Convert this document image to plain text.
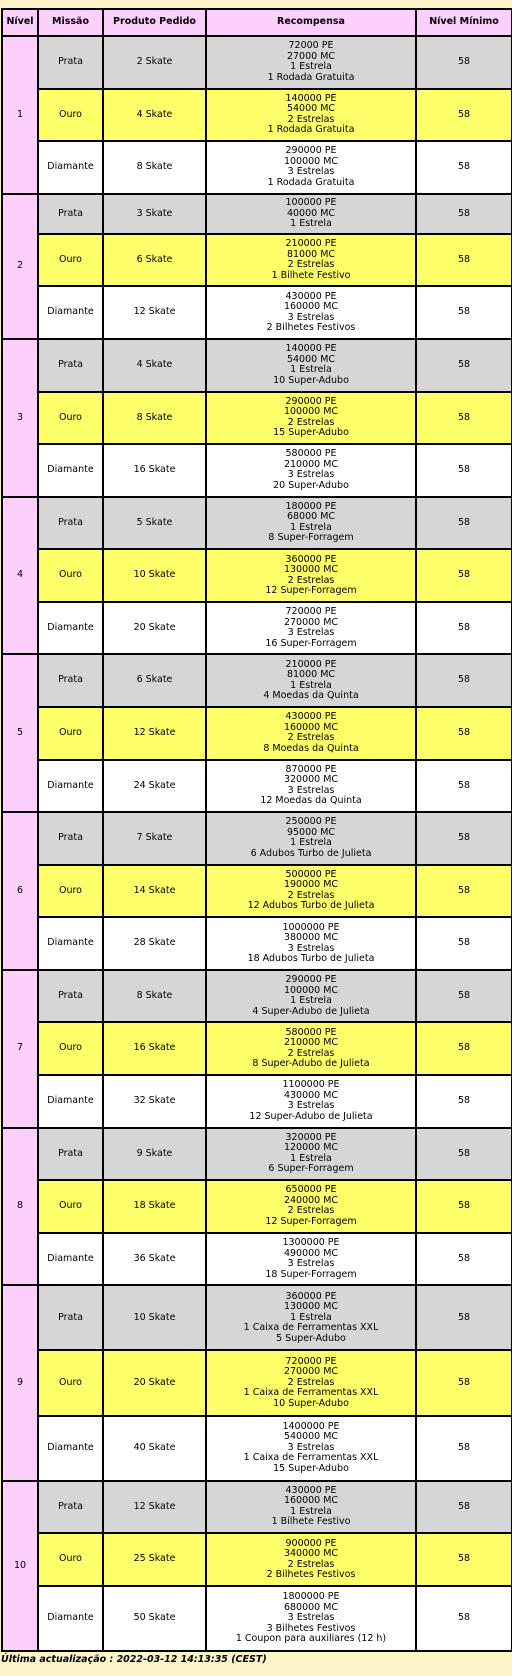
Nível	Missão	Produto Pedido	Recompensa	Nível Mínimo
1	Prata	2 Skate	72000 PE
27000 MC
1 Estrela
1 Rodada Gratuita	58
	Ouro	4 Skate	140000 PE
54000 MC
2 Estrelas
1 Rodada Gratuita	58
	Diamante	8 Skate	290000 PE
100000 MC
3 Estrelas
1 Rodada Gratuita	58
2	Prata	3 Skate	100000 PE
40000 MC
1 Estrela	58
	Ouro	6 Skate	210000 PE
81000 MC
2 Estrelas
1 Bilhete Festivo	58
	Diamante	12 Skate	430000 PE
160000 MC
3 Estrelas
2 Bilhetes Festivos	58
3	Prata	4 Skate	140000 PE
54000 MC
1 Estrela
10 Super-Adubo	58
	Ouro	8 Skate	290000 PE
100000 MC
2 Estrelas
15 Super-Adubo	58
	Diamante	16 Skate	580000 PE
210000 MC
3 Estrelas
20 Super-Adubo	58
4	Prata	5 Skate	180000 PE
68000 MC
1 Estrela
8 Super-Forragem	58
	Ouro	10 Skate	360000 PE
130000 MC
2 Estrelas
12 Super-Forragem	58
	Diamante	20 Skate	720000 PE
270000 MC
3 Estrelas
16 Super-Forragem	58
5	Prata	6 Skate	210000 PE
81000 MC
1 Estrela
4 Moedas da Quinta	58
	Ouro	12 Skate	430000 PE
160000 MC
2 Estrelas
8 Moedas da Quinta	58
	Diamante	24 Skate	870000 PE
320000 MC
3 Estrelas
12 Moedas da Quinta	58
6	Prata	7 Skate	250000 PE
95000 MC
1 Estrela
6 Adubos Turbo de Julieta	58
	Ouro	14 Skate	500000 PE
190000 MC
2 Estrelas
12 Adubos Turbo de Julieta	58
	Diamante	28 Skate	1000000 PE
380000 MC
3 Estrelas
18 Adubos Turbo de Julieta	58
7	Prata	8 Skate	290000 PE
100000 MC
1 Estrela
4 Super-Adubo de Julieta	58
	Ouro	16 Skate	580000 PE
210000 MC
2 Estrelas
8 Super-Adubo de Julieta	58
	Diamante	32 Skate	1100000 PE
430000 MC
3 Estrelas
12 Super-Adubo de Julieta	58
8	Prata	9 Skate	320000 PE
120000 MC
1 Estrela
6 Super-Forragem	58
	Ouro	18 Skate	650000 PE
240000 MC
2 Estrelas
12 Super-Forragem	58
	Diamante	36 Skate	1300000 PE
490000 MC
3 Estrelas
18 Super-Forragem	58
9	Prata	10 Skate	360000 PE
130000 MC
1 Estrela
1 Caixa de Ferramentas XXL
5 Super-Adubo	58
	Ouro	20 Skate	720000 PE
270000 MC
2 Estrelas
1 Caixa de Ferramentas XXL
10 Super-Adubo	58
	Diamante	40 Skate	1400000 PE
540000 MC
3 Estrelas
1 Caixa de Ferramentas XXL
15 Super-Adubo	58
10	Prata	12 Skate	430000 PE
160000 MC
1 Estrela
1 Bilhete Festivo	58
	Ouro	25 Skate	900000 PE
340000 MC
2 Estrelas
2 Bilhetes Festivos	58
	Diamante	50 Skate	1800000 PE
680000 MC
3 Estrelas
3 Bilhetes Festivos
1 Coupon para auxiliares (12 h)	58
Última actualização : 2022-03-12 14:13:35 (CEST)
